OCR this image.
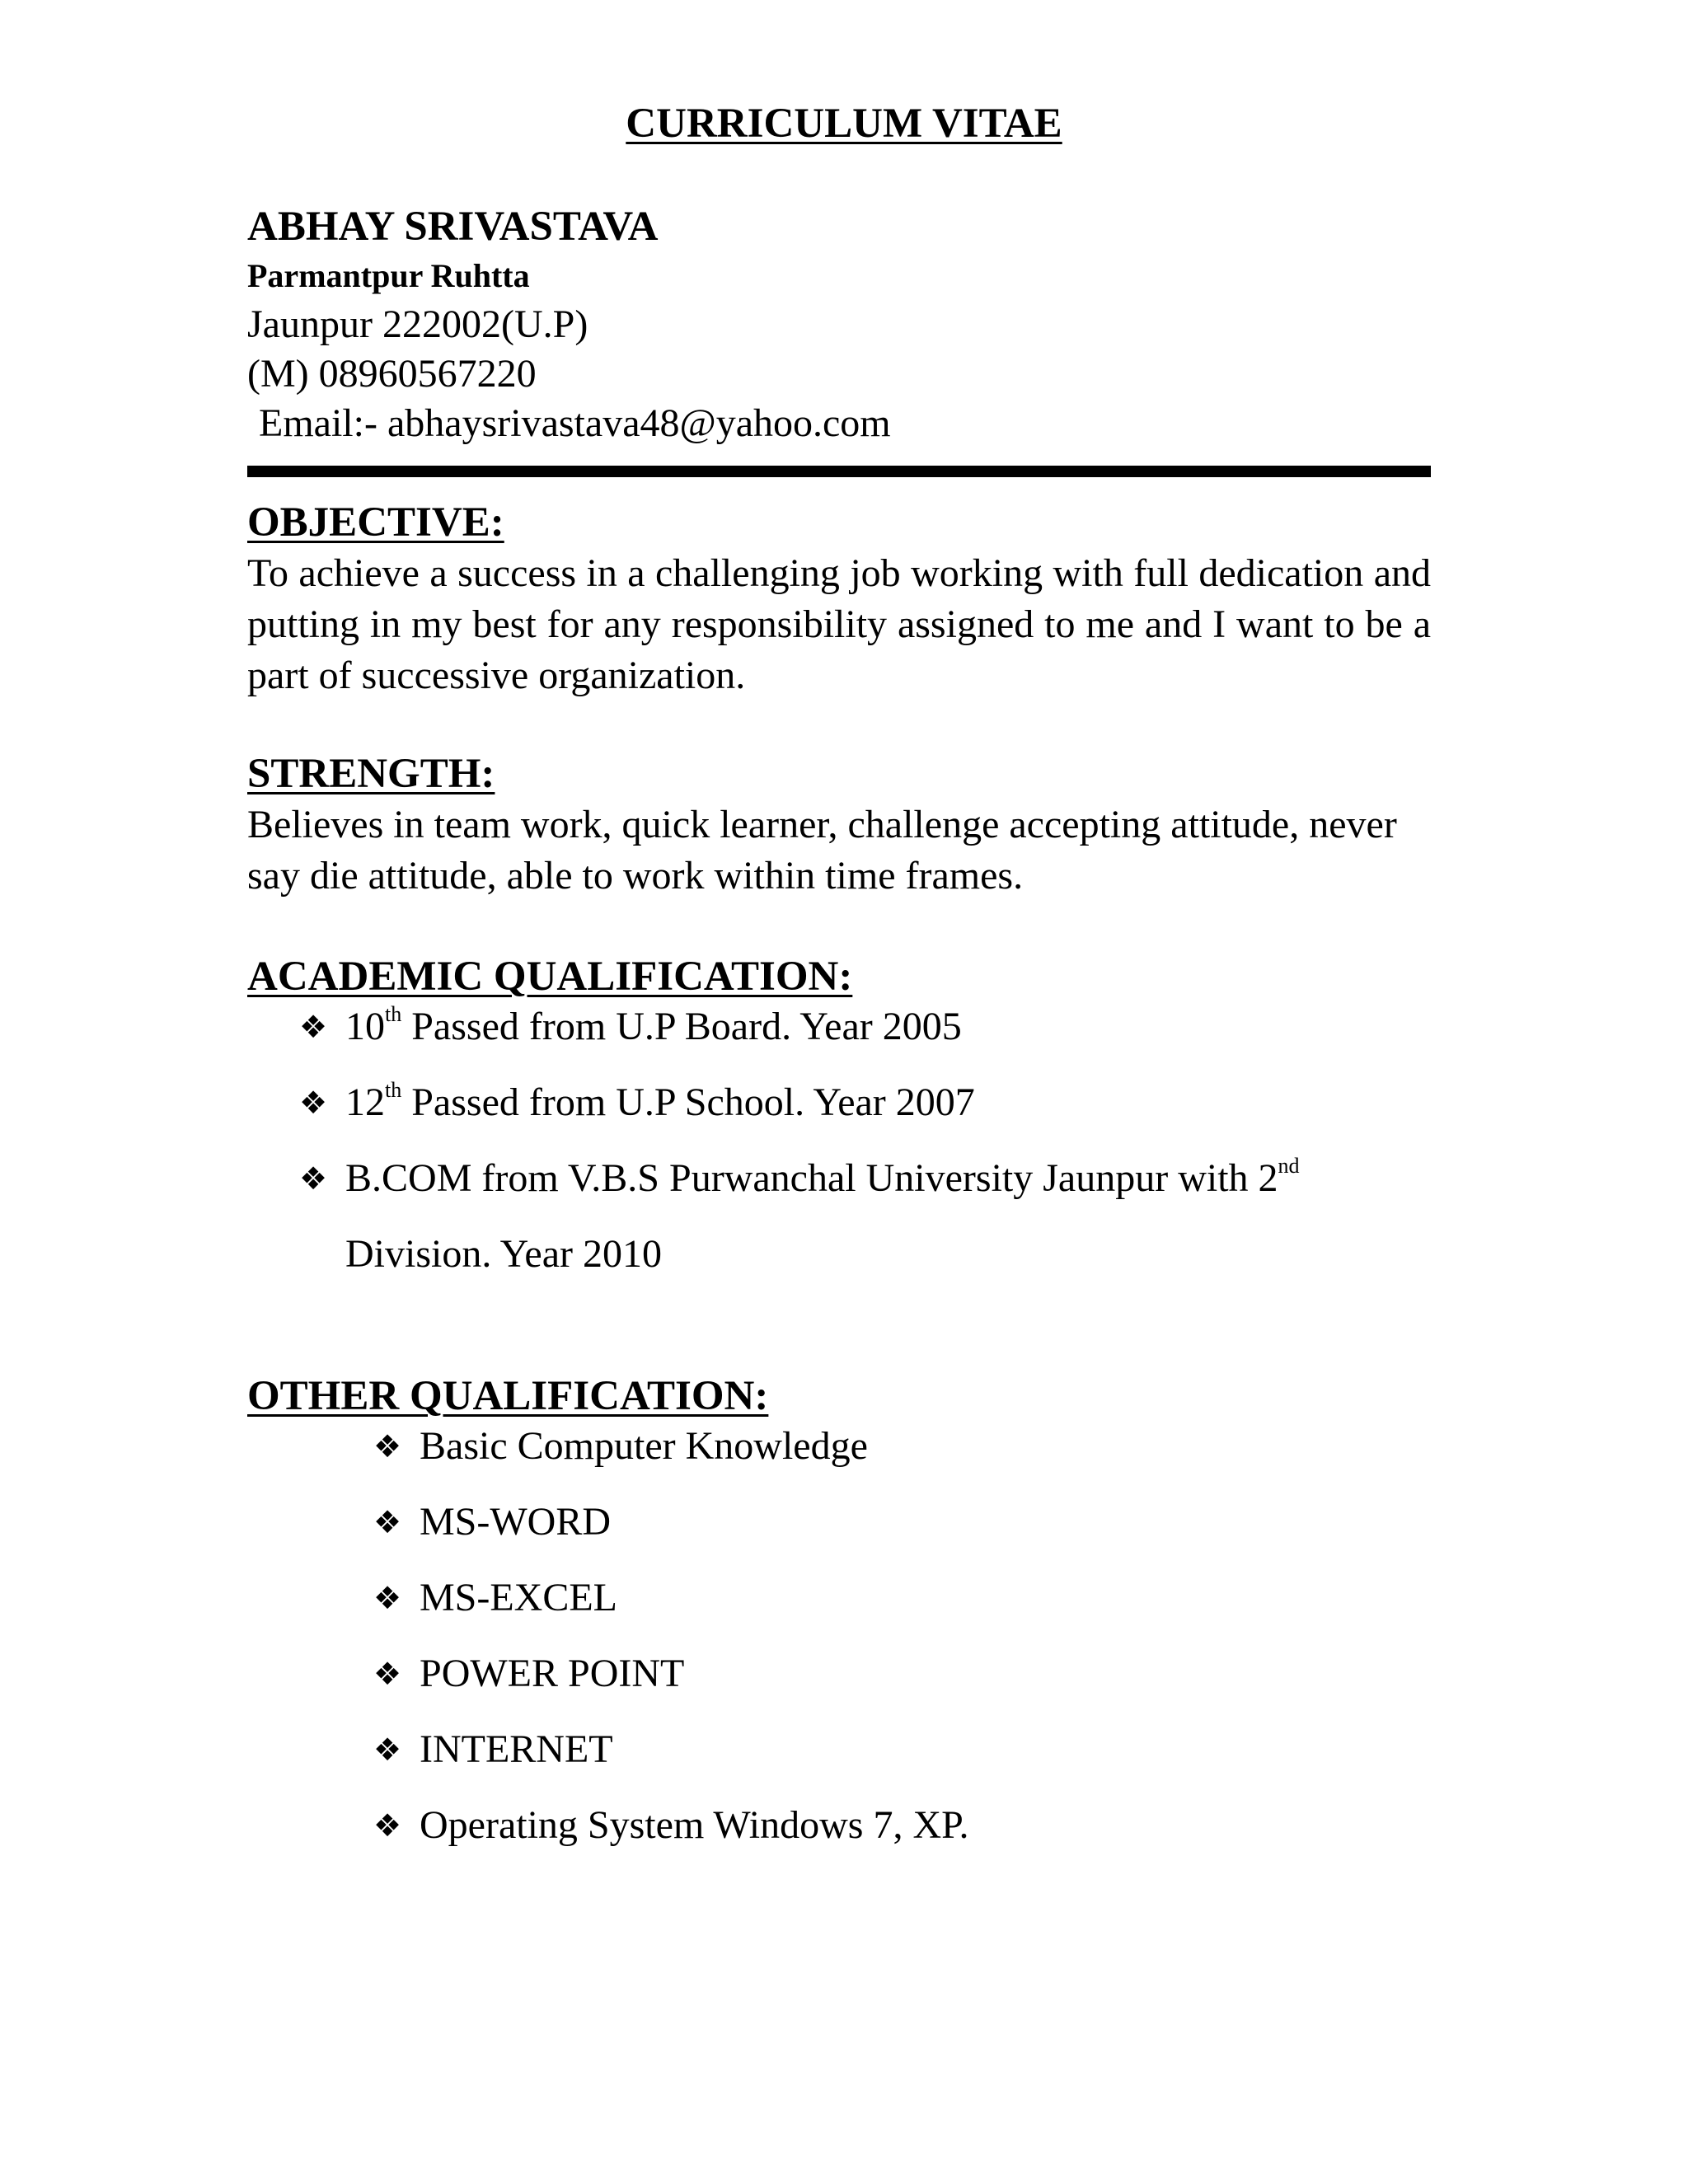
CURRICULUM VITAE
ABHAY SRIVASTAVA
Parmantpur Ruhtta
Jaunpur 222002(U.P)
(M) 08960567220
Email:- abhaysrivastava48@yahoo.com
OBJECTIVE:
To achieve a success in a challenging job working with full dedication and putting in my best for any responsibility assigned to me and I want to be a part of successive organization.
STRENGTH:
Believes in team work, quick learner, challenge accepting attitude, never say die attitude, able to work within time frames.
ACADEMIC QUALIFICATION:
❖ 10th Passed from U.P Board. Year 2005
❖ 12th Passed from U.P School. Year 2007
❖ B.COM from V.B.S Purwanchal University Jaunpur with 2nd
Division. Year 2010
OTHER QUALIFICATION:
❖ Basic Computer Knowledge
❖ MS-WORD
❖ MS-EXCEL
❖ POWER POINT
❖ INTERNET
❖ Operating System Windows 7, XP.
